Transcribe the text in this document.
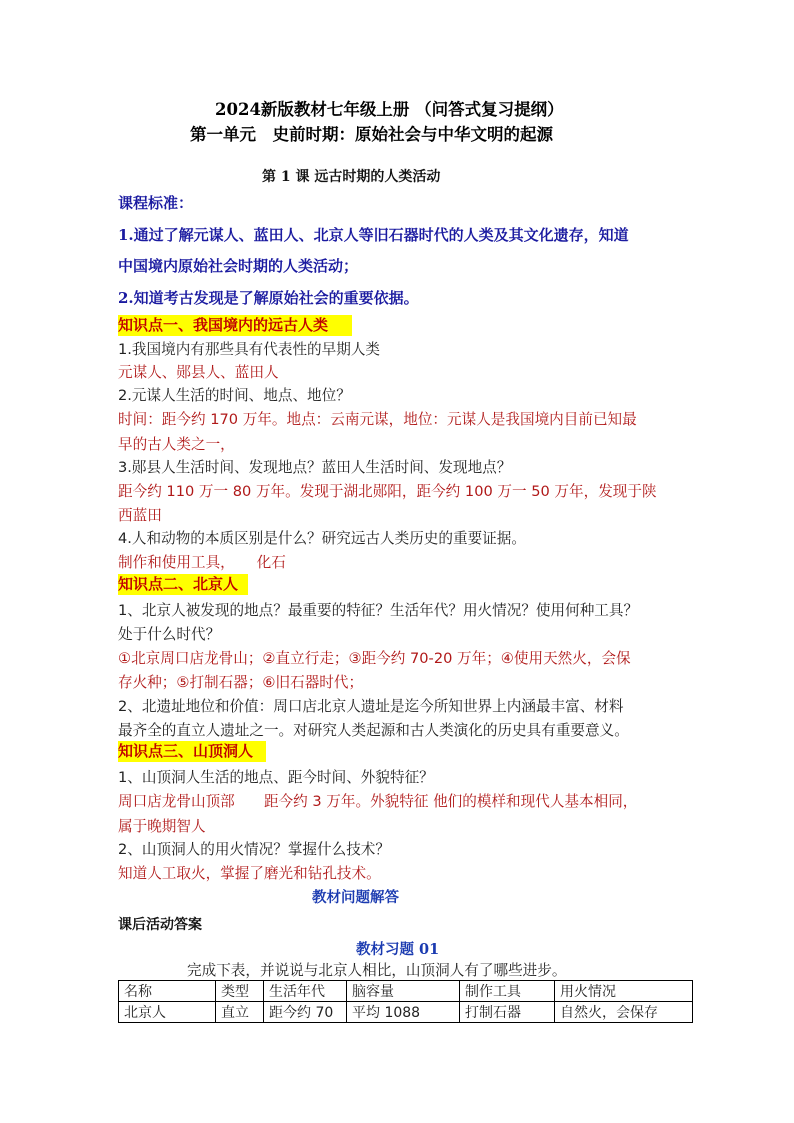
2024新版教材七年级上册 （问答式复习提纲）
第一单元　史前时期：原始社会与中华文明的起源
第 1 课 远古时期的人类活动
课程标准：
1.通过了解元谋人、蓝田人、北京人等旧石器时代的人类及其文化遗存，知道
中国境内原始社会时期的人类活动；
2.知道考古发现是了解原始社会的重要依据。
知识点一、我国境内的远古人类
1.我国境内有那些具有代表性的早期人类
元谋人、郧县人、蓝田人
2.元谋人生活的时间、地点、地位？
时间：距今约 170 万年。地点：云南元谋，地位：元谋人是我国境内目前已知最
早的古人类之一，
3.郧县人生活时间、发现地点？蓝田人生活时间、发现地点？
距今约 110 万一 80 万年。发现于湖北郧阳，距今约 100 万一 50 万年，发现于陕
西蓝田
4.人和动物的本质区别是什么？研究远古人类历史的重要证据。
制作和使用工具，　　化石
知识点二、北京人
1、北京人被发现的地点？最重要的特征？生活年代？用火情况？使用何种工具？
处于什么时代？
①北京周口店龙骨山；②直立行走；③距今约 70-20 万年；④使用天然火，会保
存火种；⑤打制石器；⑥旧石器时代；
2、北遗址地位和价值：周口店北京人遗址是迄今所知世界上内涵最丰富、材料
最齐全的直立人遗址之一。对研究人类起源和古人类演化的历史具有重要意义。
知识点三、山顶洞人
1、山顶洞人生活的地点、距今时间、外貌特征？
周口店龙骨山顶部　　距今约 3 万年。外貌特征 他们的模样和现代人基本相同，
属于晚期智人
2、山顶洞人的用火情况？掌握什么技术？
知道人工取火，掌握了磨光和钻孔技术。
教材问题解答
课后活动答案
教材习题 01
完成下表，并说说与北京人相比，山顶洞人有了哪些进步。
名称	类型	生活年代	脑容量	制作工具	用火情况
北京人	直立	距今约 70	平均 1088	打制石器	自然火，会保存
